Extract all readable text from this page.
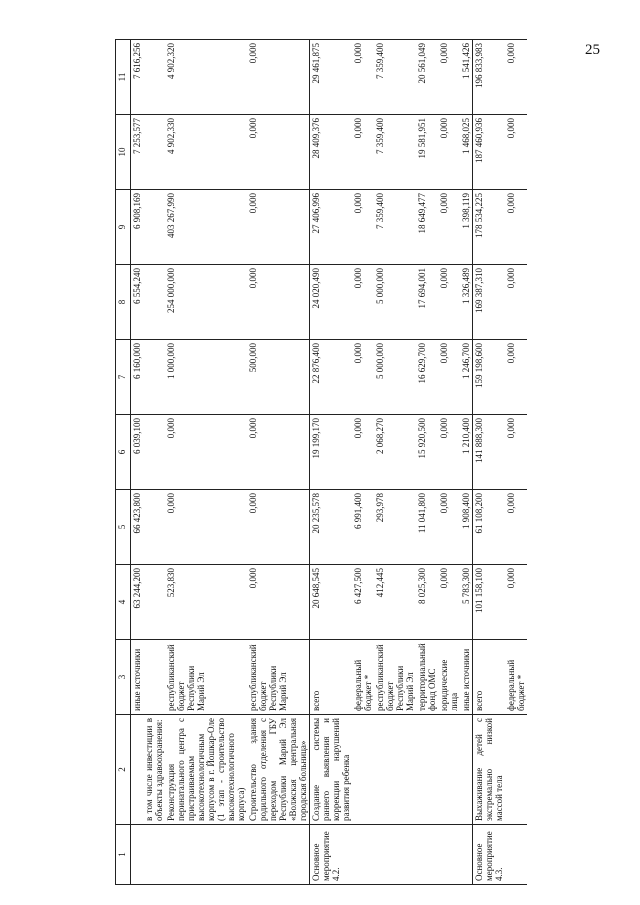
25
1	2	3	4	5	6	7	8	9	10	11
		иные источники	63 244,200	66 423,800	6 039,100	6 160,000	6 554,240	6 908,169	7 253,577	7 616,256
	в том числе инвестиции в объекты здравоохранения:									
	Реконструкция перинатального центра с пристраиваемым высокотехнологичным корпусом в г. Йошкар-Оле (1 этап - строительство высокотехнологичного корпуса)	республиканский бюджет Республики Марий Эл	523,830	0,000	0,000	1 000,000	254 000,000	403 267,990	4 902,330	4 902,320
	Строительство здания родильного отделения с переходом ГБУ Республики Марий Эл «Волжская центральная городская больница»	республиканский бюджет Республики Марий Эл	0,000	0,000	0,000	500,000	0,000	0,000	0,000	0,000
Основное мероприятие 4.2.	Создание системы раннего выявления и коррекции нарушений развития ребенка	всего	20 648,545	20 235,578	19 199,170	22 876,400	24 020,490	27 406,996	28 409,376	29 461,875
		федеральный бюджет *	6 427,500	6 991,400	0,000	0,000	0,000	0,000	0,000	0,000
		республиканский бюджет Республики Марий Эл	412,445	293,978	2 068,270	5 000,000	5 000,000	7 359,400	7 359,400	7 359,400
		территориальный фонд ОМС	8 025,300	11 041,800	15 920,500	16 629,700	17 694,001	18 649,477	19 581,951	20 561,049
		юридические лица	0,000	0,000	0,000	0,000	0,000	0,000	0,000	0,000
		иные источники	5 783,300	1 908,400	1 210,400	1 246,700	1 326,489	1 398,119	1 468,025	1 541,426
Основное мероприятие 4.3.	Выхаживание детей с экстремально низкой массой тела	всего	101 158,100	61 108,200	141 888,300	159 198,600	169 387,310	178 534,225	187 460,936	196 833,983
		федеральный бюджет *	0,000	0,000	0,000	0,000	0,000	0,000	0,000	0,000
